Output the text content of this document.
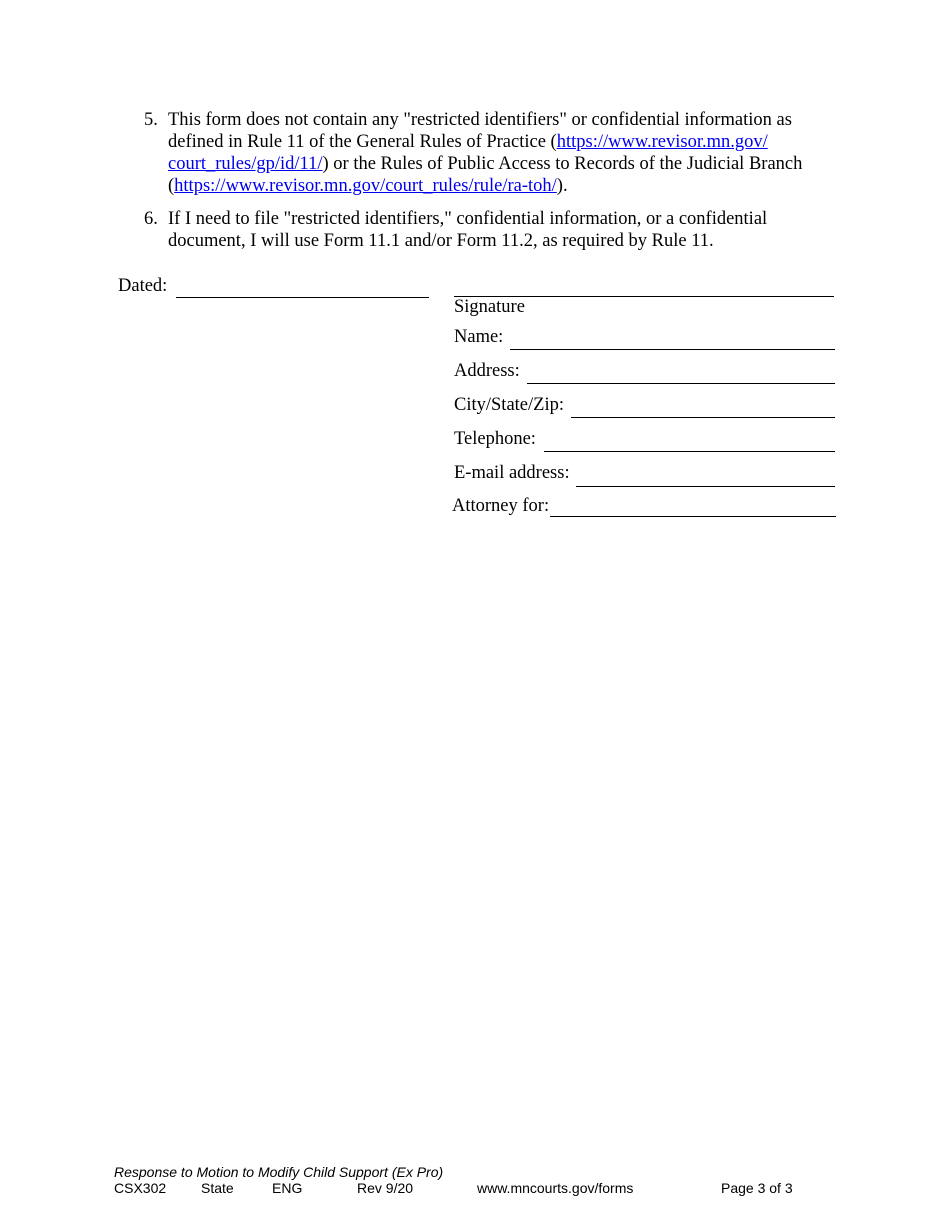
5. This form does not contain any "restricted identifiers" or confidential information as
defined in Rule 11 of the General Rules of Practice (https://www.revisor.mn.gov/
court_rules/gp/id/11/) or the Rules of Public Access to Records of the Judicial Branch
(https://www.revisor.mn.gov/court_rules/rule/ra-toh/).
6. If I need to file "restricted identifiers," confidential information, or a confidential
document, I will use Form 11.1 and/or Form 11.2, as required by Rule 11.
Dated:
Signature
Name:
Address:
City/State/Zip:
Telephone:
E-mail address:
Attorney for:
Response to Motion to Modify Child Support (Ex Pro)
CSX302 State	ENG	Rev 9/20	www.mncourts.gov/forms	Page 3 of 3
